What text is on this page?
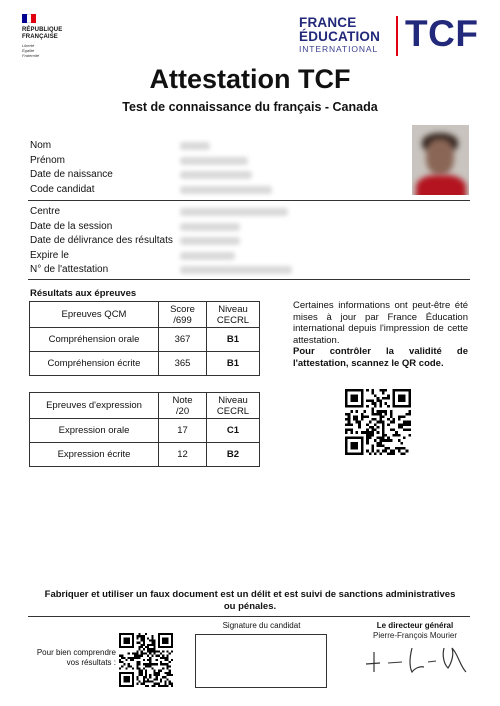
RÉPUBLIQUE
FRANÇAISE
Liberté
Égalité
Fraternité
FRANCE
ÉDUCATION
INTERNATIONAL TCF
Attestation TCF
Test de connaissance du français - Canada
Nom
Prénom
Date de naissance
Code candidat
Centre
Date de la session
Date de délivrance des résultats
Expire le
N° de l'attestation
Résultats aux épreuves
Epreuves QCM	Score /699	Niveau CECRL

Compréhension orale	367	B1
Compréhension écrite	365	B1
Epreuves d'expression	Note /20	Niveau CECRL

Expression orale	17	C1
Expression écrite	12	B2
Certaines informations ont peut-être été mises à jour par France Éducation international depuis l'impression de cette attestation.
Pour contrôler la validité de l'attestation, scannez le QR code.
Fabriquer et utiliser un faux document est un délit et est suivi de sanctions administratives ou pénales.
Pour bien comprendre vos résultats :
Signature du candidat	Le directeur général
Pierre-François Mourier
